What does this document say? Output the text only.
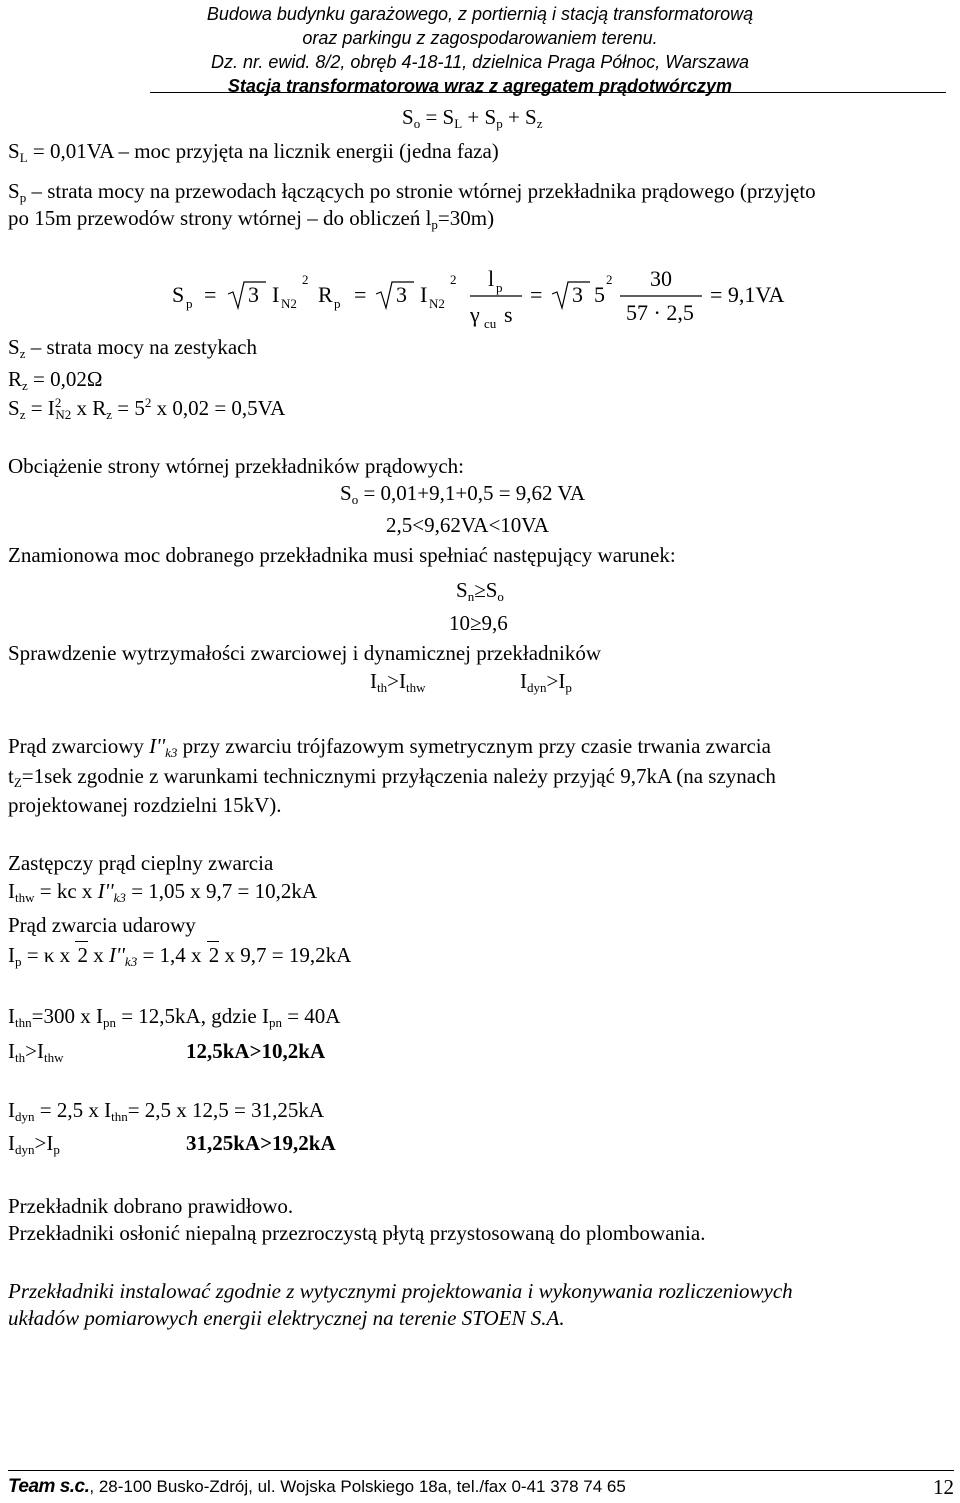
Budowa budynku garażowego, z portiernią i stacją transformatorową
oraz parkingu z zagospodarowaniem terenu.
Dz. nr. ewid. 8/2, obręb 4-18-11, dzielnica Praga Północ, Warszawa
Stacja transformatorowa wraz z agregatem prądotwórczym
$S_o = S_L + S_p + S_z$
$S_L = 0,01VA$ – moc przyjęta na licznik energii (jedna faza)
$S_p$ – strata mocy na przewodach łączących po stronie wtórnej przekładnika prądowego (przyjęto
po 15m przewodów strony wtórnej – do obliczeń $l_p=30m$)
S p = 3 I N2
2
R p = 3 I N2
2 l p
γ cu s
= 3 5
2 30
57 · 2,5
= 9,1VA
$S_z$ – strata mocy na zestykach
$R_z = 0,02\Omega$
$S_z = I^2_{N2}$ x $R_z = 5^2$ x 0,02 = 0,5VA
Obciążenie strony wtórnej przekładników prądowych:
$S_o = 0,01+9,1+0,5 = 9,62$ VA
2,5<9,62VA<10VA
Znamionowa moc dobranego przekładnika musi spełniać następujący warunek:
$S_n\ge S_o$
10≥9,6
Sprawdzenie wytrzymałości zwarciowej i dynamicznej przekładników
$I_{th}>I_{thw}$	$I_{dyn}>I_p$
Prąd zwarciowy $I''_{k3}$ przy zwarciu trójfazowym symetrycznym przy czasie trwania zwarcia
$t_Z=1sek$ zgodnie z warunkami technicznymi przyłączenia należy przyjąć 9,7kA (na szynach
projektowanej rozdzielni 15kV).
Zastępczy prąd cieplny zwarcia
$I_{thw}$ = kc x $I''_{k3} = 1,05$ x 9,7 = 10,2kA
Prąd zwarcia udarowy
$I_p = \kappa$ x 2 x $I''_{k3} = 1,4$ x 2 x 9,7 = 19,2kA
$I_{thn}=300$ x $I_{pn} = 12,5kA$, gdzie $I_{pn} = 40A$
$I_{th}>I_{thw}$	12,5kA>10,2kA
$I_{dyn} = 2,5$ x $I_{thn}= 2,5$ x 12,5 = 31,25kA
$I_{dyn}>I_p$	31,25kA>19,2kA
Przekładnik dobrano prawidłowo.
Przekładniki osłonić niepalną przezroczystą płytą przystosowaną do plombowania.
Przekładniki instalować zgodnie z wytycznymi projektowania i wykonywania rozliczeniowych
układów pomiarowych energii elektrycznej na terenie STOEN S.A.
Team s.c., 28-100 Busko-Zdrój, ul. Wojska Polskiego 18a, tel./fax 0-41 378 74 65	12
